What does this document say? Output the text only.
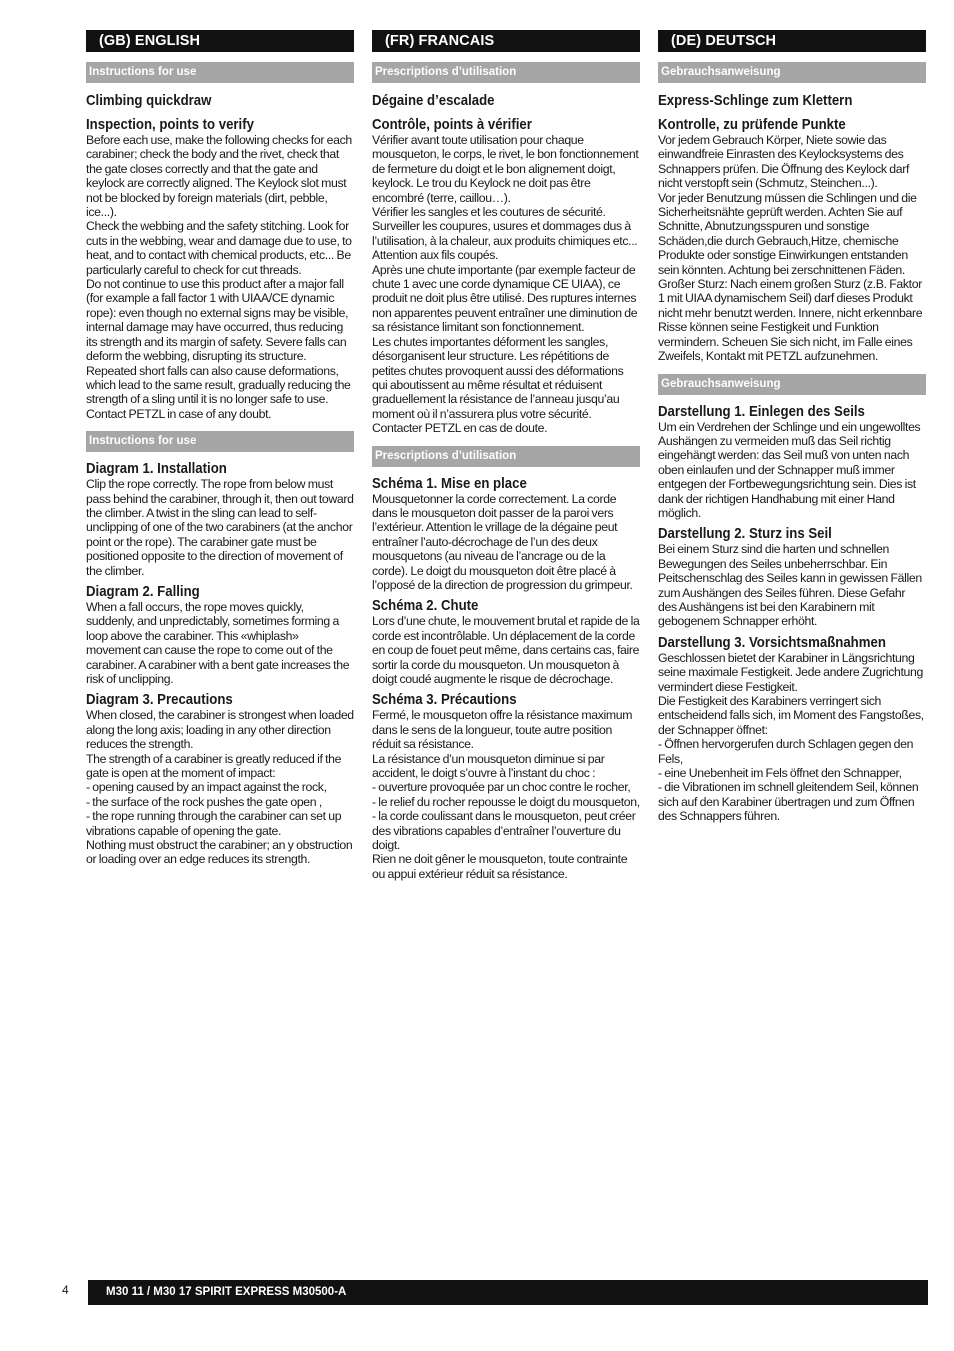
(GB) ENGLISH
Instructions for use
Climbing quickdraw
Inspection, points to verify

Before each use, make the following checks for each carabiner; check the body and the rivet, check that the gate closes correctly and that the gate and keylock are correctly aligned. The Keylock slot must not be blocked by foreign materials (dirt, pebble, ice...).
Check the webbing and the safety stitching. Look for cuts in the webbing, wear and damage due to use, to heat, and to contact with chemical products, etc... Be particularly careful to check for cut threads.
Do not continue to use this product after a major fall (for example a fall factor 1 with UIAA/CE dynamic rope): even though no external signs may be visible, internal damage may have occurred, thus reducing its strength and its margin of safety. Severe falls can deform the webbing, disrupting its structure. Repeated short falls can also cause deformations, which lead to the same result, gradually reducing the strength of a sling until it is no longer safe to use. Contact PETZL in case of any doubt.

Instructions for use
Diagram 1. Installation

Clip the rope correctly. The rope from below must pass behind the carabiner, through it, then out toward the climber. A twist in the sling can lead to self-unclipping of one of the two carabiners (at the anchor point or the rope). The carabiner gate must be positioned opposite to the direction of movement of the climber.

Diagram 2. Falling

When a fall occurs, the rope moves quickly, suddenly, and unpredictably, sometimes forming a loop above the carabiner. This «whiplash» movement can cause the rope to come out of the carabiner. A carabiner with a bent gate increases the risk of unclipping.

Diagram 3. Precautions

When closed, the carabiner is strongest when loaded along the long axis; loading in any other direction reduces the strength.
The strength of a carabiner is greatly reduced if the gate is open at the moment of impact:
- opening caused by an impact against the rock,
- the surface of the rock pushes the gate open ,
- the rope running through the carabiner can set up vibrations capable of opening the gate.
Nothing must obstruct the carabiner; an y obstruction or loading over an edge reduces its strength.

(FR) FRANCAIS
Prescriptions d’utilisation
Dégaine d’escalade
Contrôle, points à vérifier

Vérifier avant toute utilisation pour chaque mousqueton, le corps, le rivet, le bon fonctionnement de fermeture du doigt et le bon alignement doigt, keylock. Le trou du Keylock ne doit pas être encombré (terre, caillou…).
Vérifier les sangles et les coutures de sécurité. Surveiller les coupures, usures et dommages dus à l’utilisation, à la chaleur, aux produits chimiques etc... Attention aux fils coupés.
Après une chute importante (par exemple facteur de chute 1 avec une corde dynamique CE UIAA), ce produit ne doit plus être utilisé. Des ruptures internes non apparentes peuvent entraîner une diminution de sa résistance limitant son fonctionnement.
Les chutes importantes déforment les sangles, désorganisent leur structure. Les répétitions de petites chutes provoquent aussi des déformations qui aboutissent au même résultat et réduisent graduellement la résistance de l’anneau jusqu’au moment où il n’assurera plus votre sécurité. Contacter PETZL en cas de doute.

Prescriptions d’utilisation
Schéma 1. Mise en place

Mousquetonner la corde correctement. La corde dans le mousqueton doit passer de la paroi vers l’extérieur. Attention le vrillage de la dégaine peut entraîner l’auto-décrochage de l’un des deux mousquetons (au niveau de l’ancrage ou de la corde). Le doigt du mousqueton doit être placé à l’opposé de la direction de progression du grimpeur.

Schéma 2. Chute

Lors d’une chute, le mouvement brutal et rapide de la corde est incontrôlable. Un déplacement de la corde en coup de fouet peut même, dans certains cas, faire sortir la corde du mousqueton. Un mousqueton à doigt coudé augmente le risque de décrochage.

Schéma 3. Précautions

Fermé, le mousqueton offre la résistance maximum dans le sens de la longueur, toute autre position réduit sa résistance.
La résistance d’un mousqueton diminue si par accident, le doigt s’ouvre à l’instant du choc :
- ouverture provoquée par un choc contre le rocher,
- le relief du rocher repousse le doigt du mousqueton,
- la corde coulissant dans le mousqueton, peut créer des vibrations capables d’entraîner l’ouverture du doigt.
Rien ne doit gêner le mousqueton, toute contrainte ou appui extérieur réduit sa résistance.

(DE) DEUTSCH
Gebrauchsanweisung
Express-Schlinge zum Klettern
Kontrolle, zu prüfende Punkte

Vor jedem Gebrauch Körper, Niete sowie das einwandfreie Einrasten des Keylocksystems des Schnappers prüfen. Die Öffnung des Keylock darf nicht verstopft sein (Schmutz, Steinchen...).
Vor jeder Benutzung müssen die Schlingen und die Sicherheitsnähte geprüft werden. Achten Sie auf Schnitte, Abnutzungsspuren und sonstige Schäden,die durch Gebrauch,Hitze, chemische Produkte oder sonstige Einwirkungen entstanden sein könnten. Achtung bei zerschnittenen Fäden.
Großer Sturz: Nach einem großen Sturz (z.B. Faktor 1 mit UIAA dynamischem Seil) darf dieses Produkt nicht mehr benutzt werden. Innere, nicht erkennbare Risse können seine Festigkeit und Funktion vermindern. Scheuen Sie sich nicht, im Falle eines Zweifels, Kontakt mit PETZL aufzunehmen.

Gebrauchsanweisung
Darstellung 1. Einlegen des Seils

Um ein Verdrehen der Schlinge und ein ungewolltes Aushängen zu vermeiden muß das Seil richtig eingehängt werden: das Seil muß von unten nach oben einlaufen und der Schnapper muß immer entgegen der Fortbewegungsrichtung sein. Dies ist dank der richtigen Handhabung mit einer Hand möglich.

Darstellung 2. Sturz ins Seil

Bei einem Sturz sind die harten und schnellen Bewegungen des Seiles unbeherrschbar. Ein Peitschenschlag des Seiles kann in gewissen Fällen zum Aushängen des Seiles führen. Diese Gefahr des Aushängens ist bei den Karabinern mit gebogenem Schnapper erhöht.

Darstellung 3. Vorsichtsmaßnahmen

Geschlossen bietet der Karabiner in Längsrichtung seine maximale Festigkeit. Jede andere Zugrichtung vermindert diese Festigkeit.
Die Festigkeit des Karabiners verringert sich entscheidend falls sich, im Moment des Fangstoßes, der Schnapper öffnet:
- Öffnen hervorgerufen durch Schlagen gegen den Fels,
- eine Unebenheit im Fels öffnet den Schnapper,
- die Vibrationen im schnell gleitendem Seil, können sich auf den Karabiner übertragen und zum Öffnen des Schnappers führen.

4	M30 11 / M30 17 SPIRIT EXPRESS M30500-A
